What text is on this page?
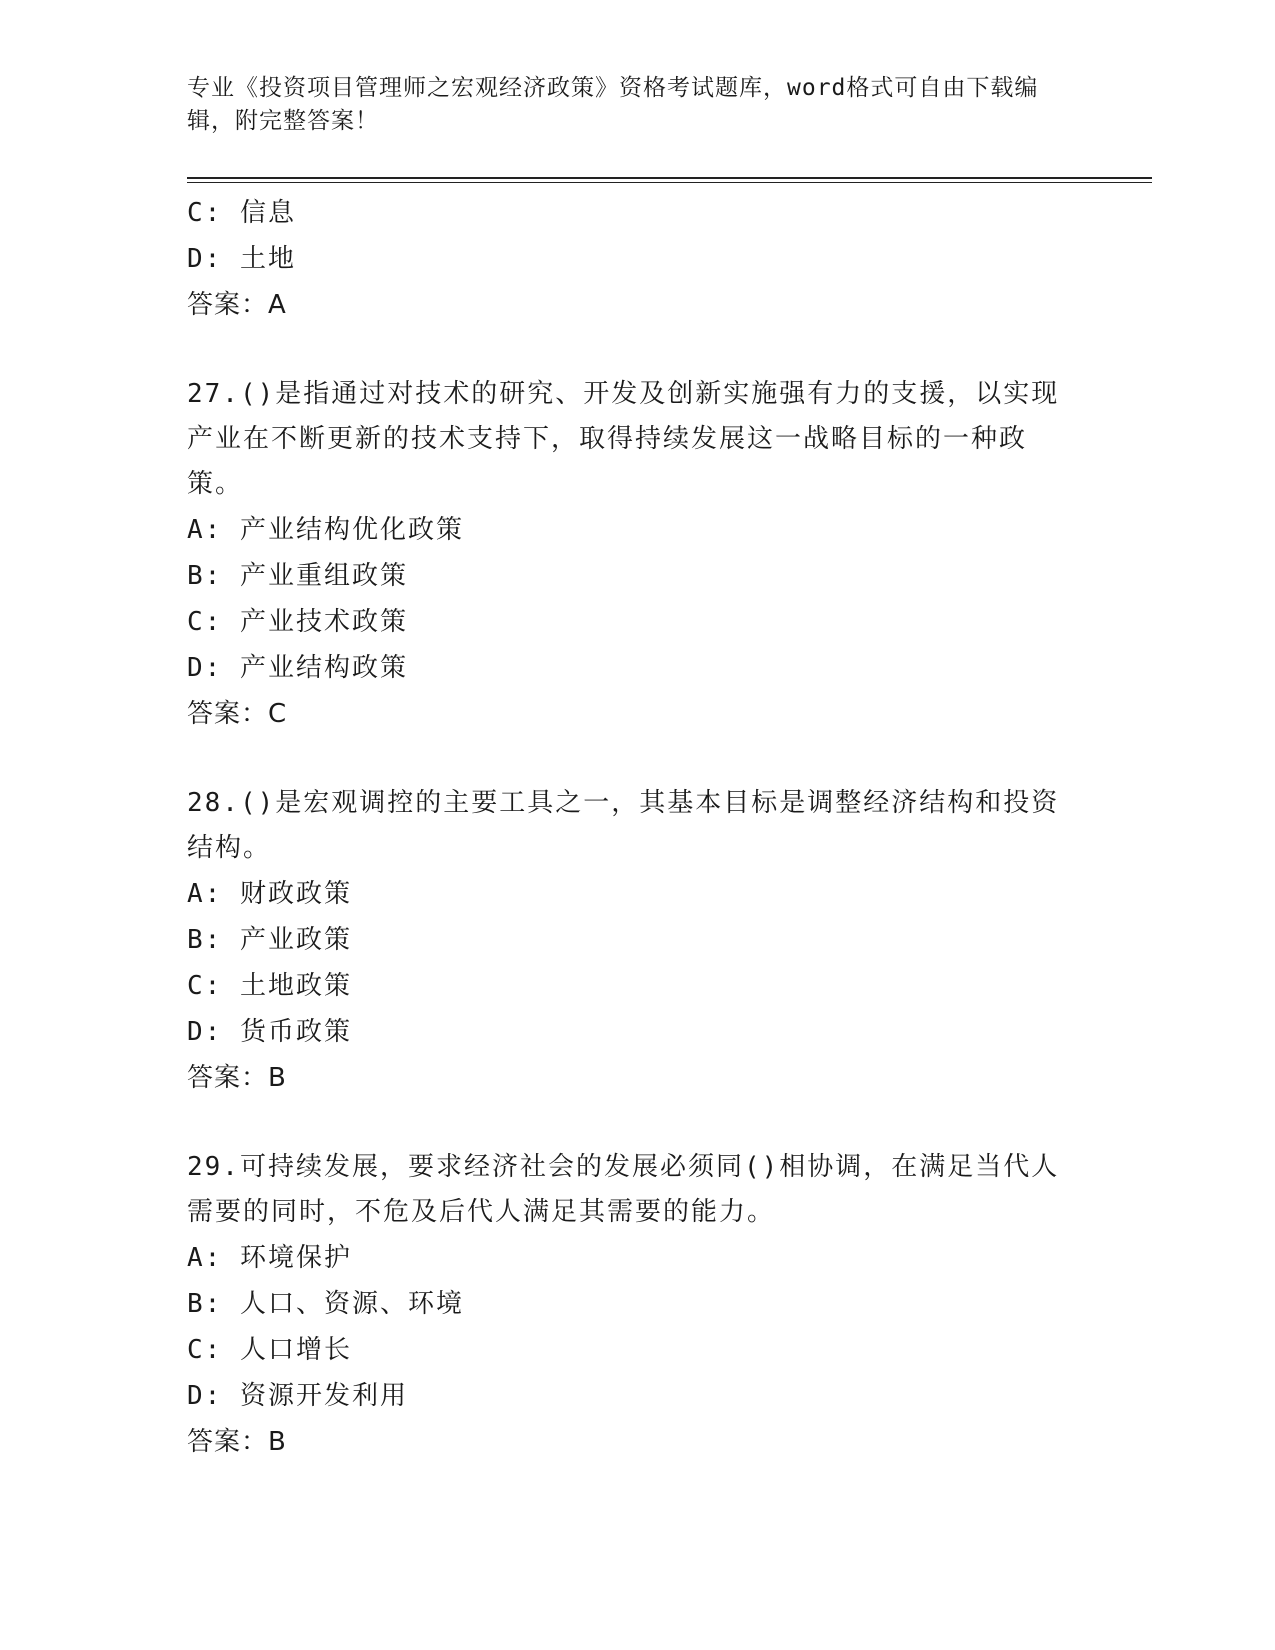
专业《投资项目管理师之宏观经济政策》资格考试题库，word格式可自由下载编辑，附完整答案！
C: 信息
D: 土地
答案：A
27.()是指通过对技术的研究、开发及创新实施强有力的支援，以实现产业在不断更新的技术支持下，取得持续发展这一战略目标的一种政策。
A: 产业结构优化政策
B: 产业重组政策
C: 产业技术政策
D: 产业结构政策
答案：C
28.()是宏观调控的主要工具之一，其基本目标是调整经济结构和投资结构。
A: 财政政策
B: 产业政策
C: 土地政策
D: 货币政策
答案：B
29.可持续发展，要求经济社会的发展必须同()相协调，在满足当代人需要的同时，不危及后代人满足其需要的能力。
A: 环境保护
B: 人口、资源、环境
C: 人口增长
D: 资源开发利用
答案：B
